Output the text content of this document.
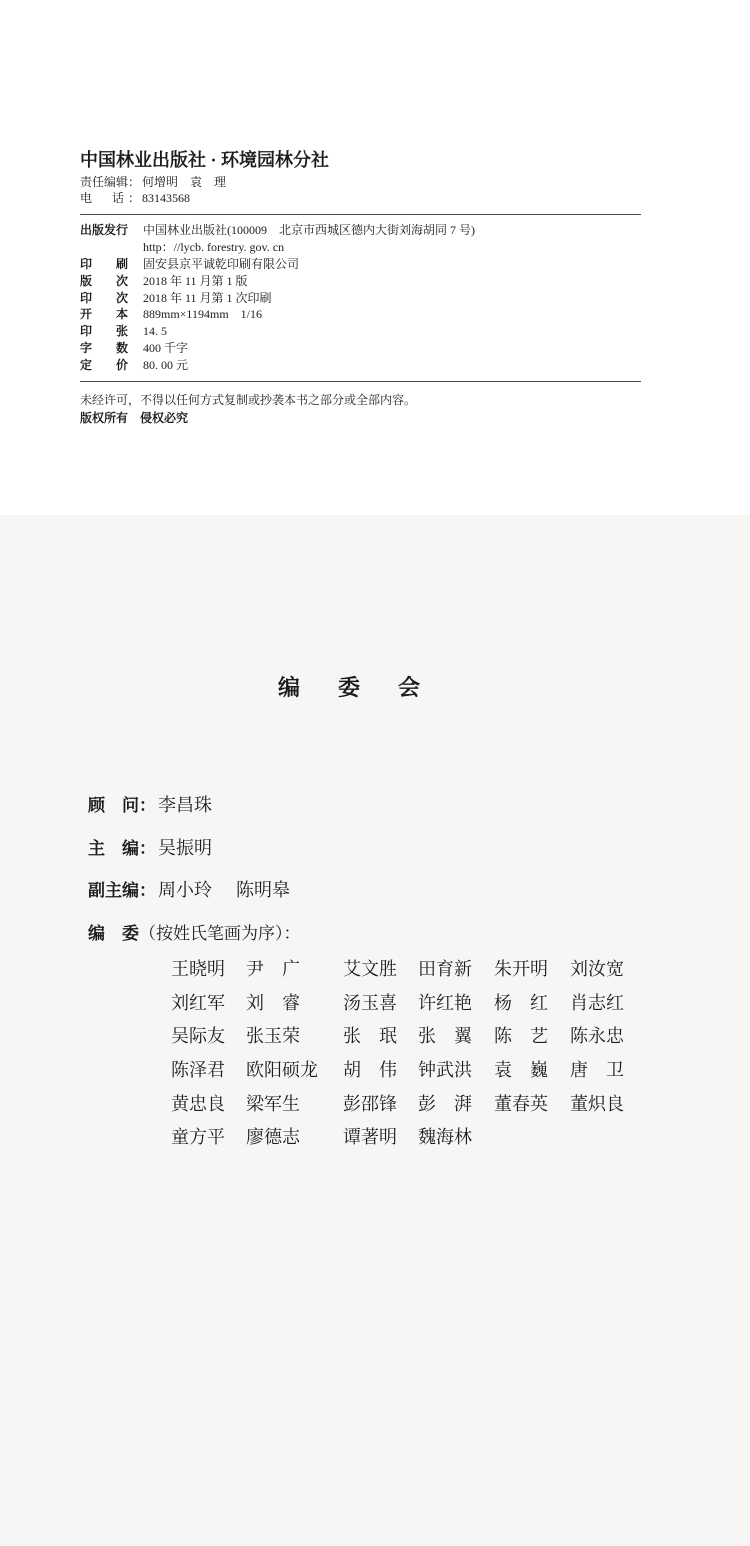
中国林业出版社 · 环境园林分社
责任编辑： 何增明　袁　理
电　话： 83143568
出版发行 中国林业出版社(100009　北京市西城区德内大街刘海胡同 7 号)
http：//lycb. forestry. gov. cn
印　刷 固安县京平诚乾印刷有限公司
版　次 2018 年 11 月第 1 版
印　次 2018 年 11 月第 1 次印刷
开　本 889mm×1194mm　1/16
印　张 14. 5
字　数 400 千字
定　价 80. 00 元
未经许可，不得以任何方式复制或抄袭本书之部分或全部内容。
版权所有　侵权必究
编　委　会
顾　问： 李昌珠
主　编： 吴振明
副主编： 周小玲 陈明皋
编　委（按姓氏笔画为序）：
王晓明	尹　广	艾文胜	田育新	朱开明	刘汝宽
刘红军	刘　睿	汤玉喜	许红艳	杨　红	肖志红
吴际友	张玉荣	张　珉	张　翼	陈　艺	陈永忠
陈泽君	欧阳硕龙	胡　伟	钟武洪	袁　巍	唐　卫
黄忠良	梁军生	彭邵锋	彭　湃	董春英	董炽良
童方平	廖德志	谭著明	魏海林
